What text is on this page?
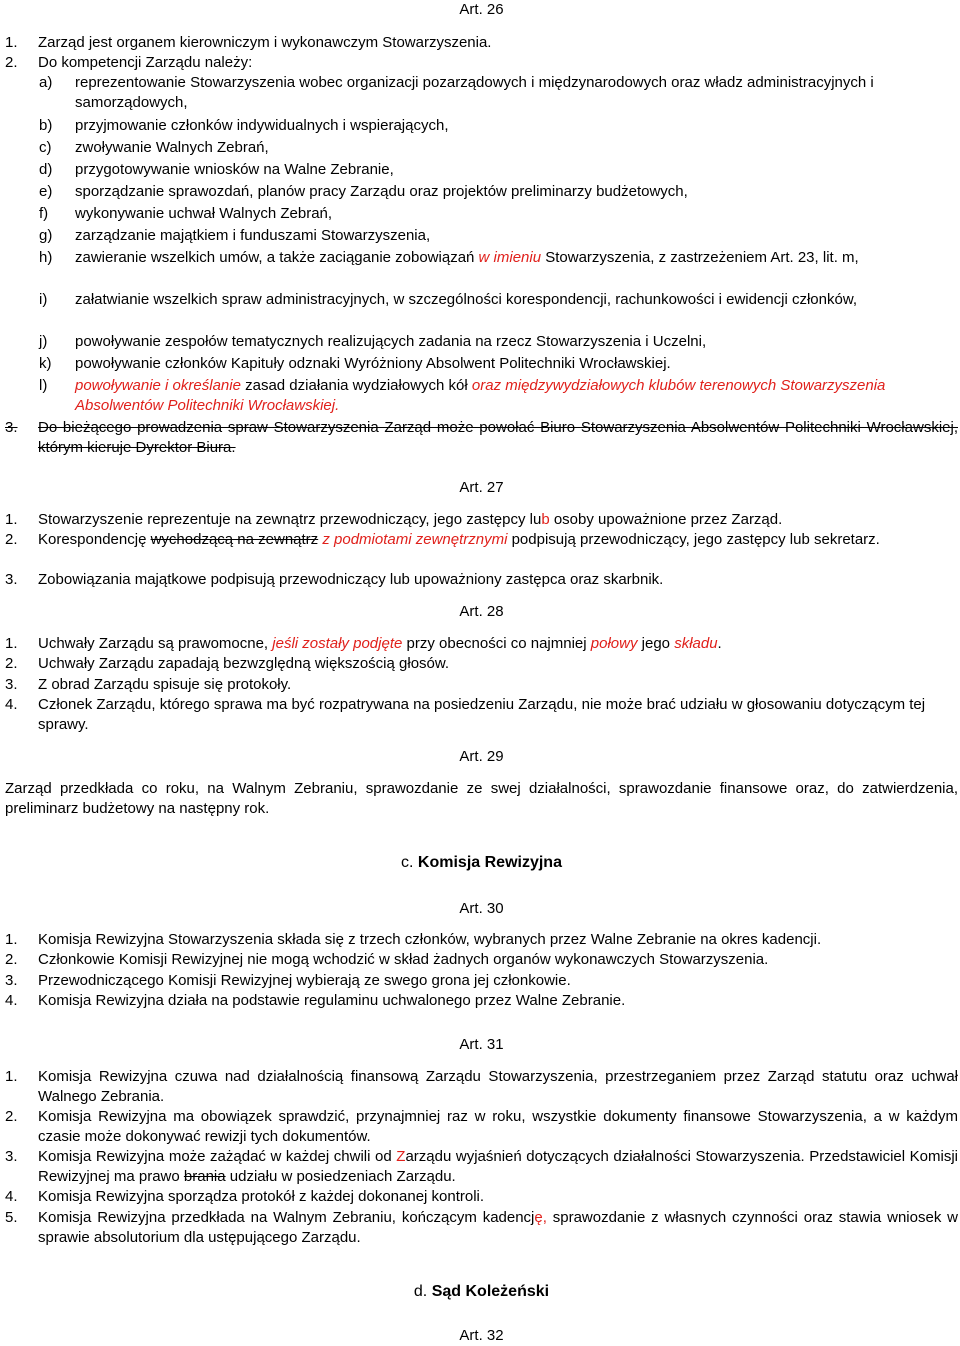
Art. 26
1.	Zarząd jest organem kierowniczym i wykonawczym Stowarzyszenia.
2.	Do kompetencji Zarządu należy:
a)	reprezentowanie Stowarzyszenia wobec organizacji pozarządowych i międzynarodowych oraz władz administracyjnych i samorządowych,
b)	przyjmowanie członków indywidualnych i wspierających,
c)	zwoływanie Walnych Zebrań,
d)	przygotowywanie wniosków na Walne Zebranie,
e)	sporządzanie sprawozdań, planów pracy Zarządu oraz projektów preliminarzy budżetowych,
f)	wykonywanie uchwał Walnych Zebrań,
g)	zarządzanie majątkiem i funduszami Stowarzyszenia,
h)	zawieranie wszelkich umów, a także zaciąganie zobowiązań w imieniu Stowarzyszenia, z zastrzeżeniem Art. 23, lit. m,
i)	załatwianie wszelkich spraw administracyjnych, w szczególności korespondencji, rachunkowości i ewidencji członków,
j)	powoływanie zespołów tematycznych realizujących zadania na rzecz Stowarzyszenia i Uczelni,
k)	powoływanie członków Kapituły odznaki Wyróżniony Absolwent Politechniki Wrocławskiej.
l)	powoływanie i określanie zasad działania wydziałowych kół oraz międzywydziałowych klubów terenowych Stowarzyszenia Absolwentów Politechniki Wrocławskiej.
3.	Do bieżącego prowadzenia spraw Stowarzyszenia Zarząd może powołać Biuro Stowarzyszenia Absolwentów Politechniki Wrocławskiej, którym kieruje Dyrektor Biura.
Art. 27
1.	Stowarzyszenie reprezentuje na zewnątrz przewodniczący, jego zastępcy lub osoby upoważnione przez Zarząd.
2.	Korespondencję wychodzącą na zewnątrz z podmiotami zewnętrznymi podpisują przewodniczący, jego zastępcy lub sekretarz.
3.	Zobowiązania majątkowe podpisują przewodniczący lub upoważniony zastępca oraz skarbnik.
Art. 28
1.	Uchwały Zarządu są prawomocne, jeśli zostały podjęte przy obecności co najmniej połowy jego składu.
2.	Uchwały Zarządu zapadają bezwzględną większością głosów.
3.	Z obrad Zarządu spisuje się protokoły.
4.	Członek Zarządu, którego sprawa ma być rozpatrywana na posiedzeniu Zarządu, nie może brać udziału w głosowaniu dotyczącym tej sprawy.
Art. 29
Zarząd przedkłada co roku, na Walnym Zebraniu, sprawozdanie ze swej działalności, sprawozdanie finansowe oraz, do zatwierdzenia, preliminarz budżetowy na następny rok.
c. Komisja Rewizyjna
Art. 30
1.	Komisja Rewizyjna Stowarzyszenia składa się z trzech członków, wybranych przez Walne Zebranie na okres kadencji.
2.	Członkowie Komisji Rewizyjnej nie mogą wchodzić w skład żadnych organów wykonawczych Stowarzyszenia.
3.	Przewodniczącego Komisji Rewizyjnej wybierają ze swego grona jej członkowie.
4.	Komisja Rewizyjna działa na podstawie regulaminu uchwalonego przez Walne Zebranie.
Art. 31
1.	Komisja Rewizyjna czuwa nad działalnością finansową Zarządu Stowarzyszenia, przestrzeganiem przez Zarząd statutu oraz uchwał Walnego Zebrania.
2.	Komisja Rewizyjna ma obowiązek sprawdzić, przynajmniej raz w roku, wszystkie dokumenty finansowe Stowarzyszenia, a w każdym czasie może dokonywać rewizji tych dokumentów.
3.	Komisja Rewizyjna może zażądać w każdej chwili od Zarządu wyjaśnień dotyczących działalności Stowarzyszenia. Przedstawiciel Komisji Rewizyjnej ma prawo brania udziału w posiedzeniach Zarządu.
4.	Komisja Rewizyjna sporządza protokół z każdej dokonanej kontroli.
5.	Komisja Rewizyjna przedkłada na Walnym Zebraniu, kończącym kadencję, sprawozdanie z własnych czynności oraz stawia wniosek w sprawie absolutorium dla ustępującego Zarządu.
d. Sąd Koleżeński
Art. 32
